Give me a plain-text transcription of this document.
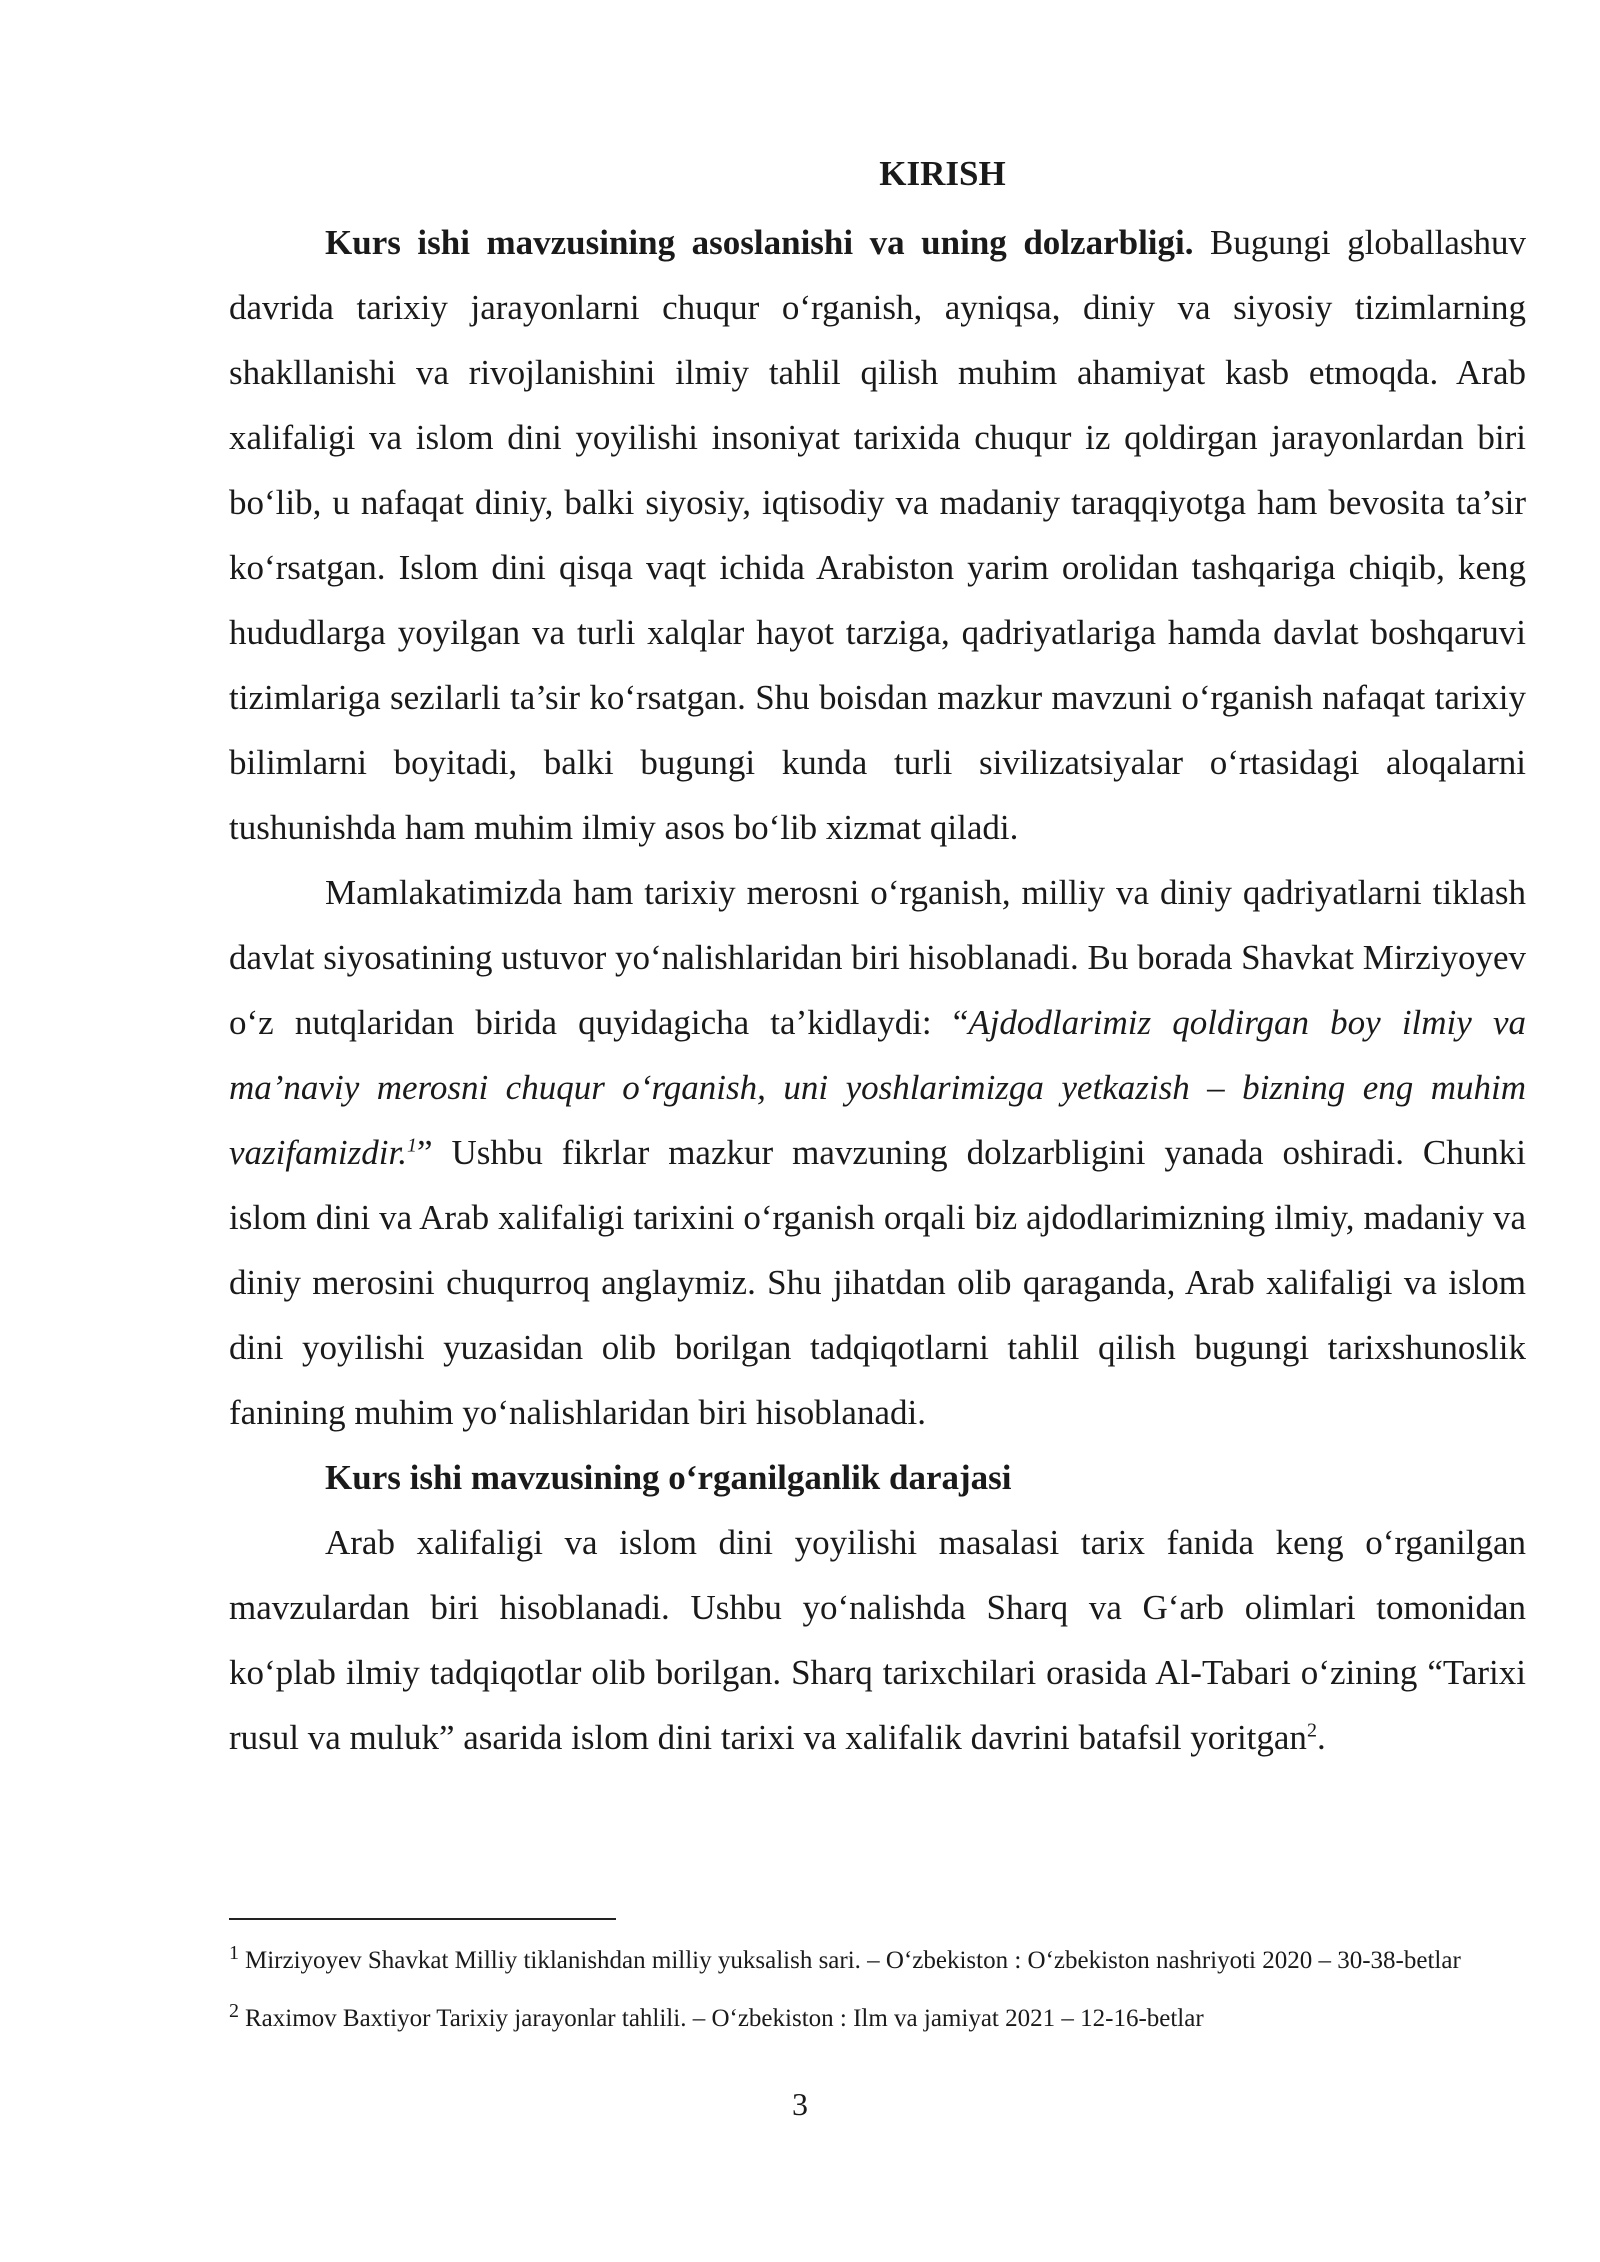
KIRISH

Kurs ishi mavzusining asoslanishi va uning dolzarbligi. Bugungi globallashuv davrida tarixiy jarayonlarni chuqur o‘rganish, ayniqsa, diniy va siyosiy tizimlarning shakllanishi va rivojlanishini ilmiy tahlil qilish muhim ahamiyat kasb etmoqda. Arab xalifaligi va islom dini yoyilishi insoniyat tarixida chuqur iz qoldirgan jarayonlardan biri bo‘lib, u nafaqat diniy, balki siyosiy, iqtisodiy va madaniy taraqqiyotga ham bevosita ta’sir ko‘rsatgan. Islom dini qisqa vaqt ichida Arabiston yarim orolidan tashqariga chiqib, keng hududlarga yoyilgan va turli xalqlar hayot tarziga, qadriyatlariga hamda davlat boshqaruvi tizimlariga sezilarli ta’sir ko‘rsatgan. Shu boisdan mazkur mavzuni o‘rganish nafaqat tarixiy bilimlarni boyitadi, balki bugungi kunda turli sivilizatsiyalar o‘rtasidagi aloqalarni tushunishda ham muhim ilmiy asos bo‘lib xizmat qiladi.

Mamlakatimizda ham tarixiy merosni o‘rganish, milliy va diniy qadriyatlarni tiklash davlat siyosatining ustuvor yo‘nalishlaridan biri hisoblanadi. Bu borada Shavkat Mirziyoyev o‘z nutqlaridan birida quyidagicha ta’kidlaydi: “Ajdodlarimiz qoldirgan boy ilmiy va ma’naviy merosni chuqur o‘rganish, uni yoshlarimizga yetkazish – bizning eng muhim vazifamizdir.$^1$” Ushbu fikrlar mazkur mavzuning dolzarbligini yanada oshiradi. Chunki islom dini va Arab xalifaligi tarixini o‘rganish orqali biz ajdodlarimizning ilmiy, madaniy va diniy merosini chuqurroq anglaymiz. Shu jihatdan olib qaraganda, Arab xalifaligi va islom dini yoyilishi yuzasidan olib borilgan tadqiqotlarni tahlil qilish bugungi tarixshunoslik fanining muhim yo‘nalishlaridan biri hisoblanadi.

Kurs ishi mavzusining o‘rganilganlik darajasi

Arab xalifaligi va islom dini yoyilishi masalasi tarix fanida keng o‘rganilgan mavzulardan biri hisoblanadi. Ushbu yo‘nalishda Sharq va G‘arb olimlari tomonidan ko‘plab ilmiy tadqiqotlar olib borilgan. Sharq tarixchilari orasida Al-Tabari o‘zining “Tarixi rusul va muluk” asarida islom dini tarixi va xalifalik davrini batafsil yoritgan$^2$.

$^1$ Mirziyoyev Shavkat Milliy tiklanishdan milliy yuksalish sari. – O‘zbekiston : O‘zbekiston nashriyoti 2020 – 30-38-betlar
$^2$ Raximov Baxtiyor Tarixiy jarayonlar tahlili. – O‘zbekiston : Ilm va jamiyat 2021 – 12-16-betlar
3
